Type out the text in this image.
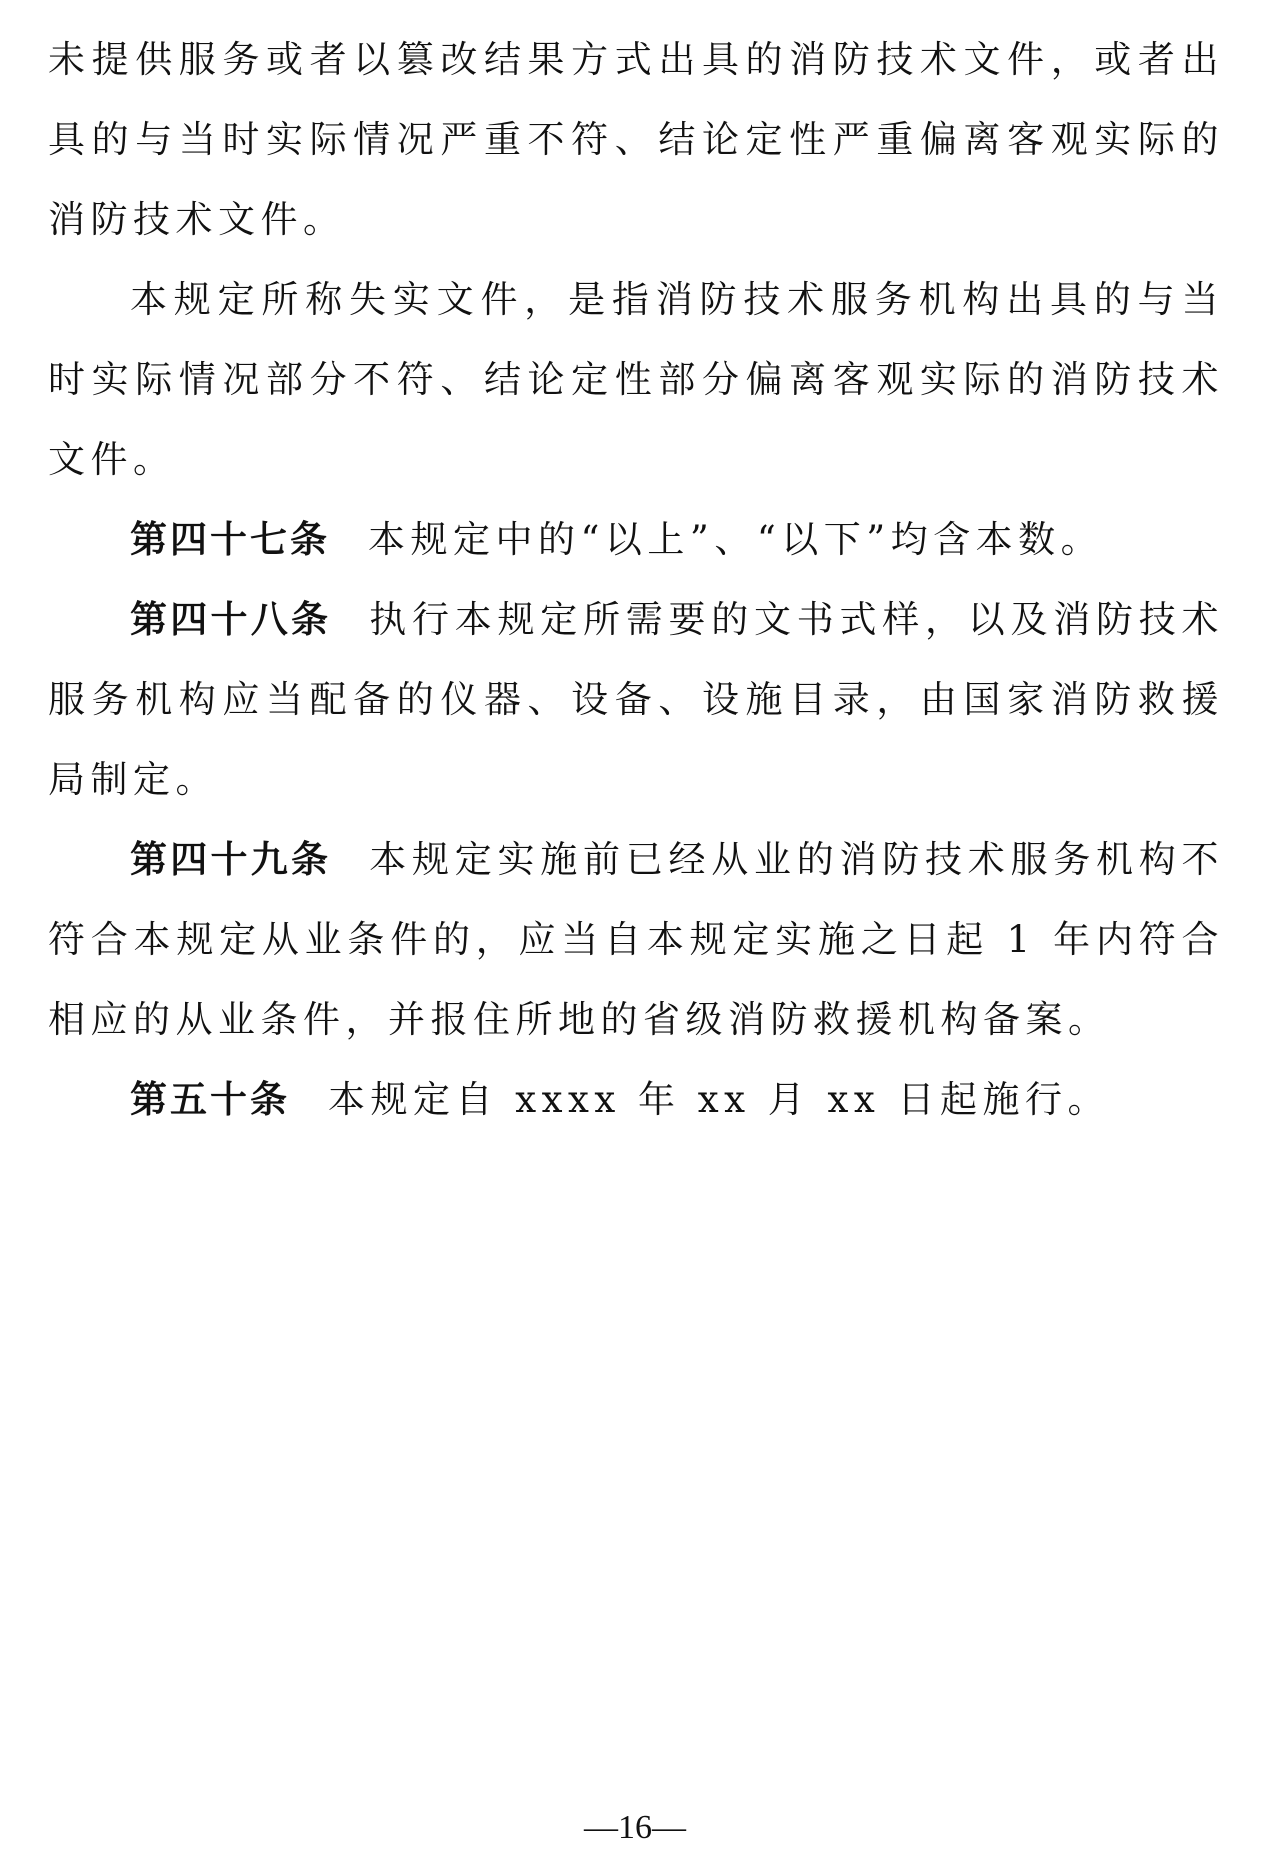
未提供服务或者以篡改结果方式出具的消防技术文件，或者出具的与当时实际情况严重不符、结论定性严重偏离客观实际的消防技术文件。

本规定所称失实文件，是指消防技术服务机构出具的与当时实际情况部分不符、结论定性部分偏离客观实际的消防技术文件。

第四十七条 本规定中的“以上”、“以下”均含本数。

第四十八条 执行本规定所需要的文书式样，以及消防技术服务机构应当配备的仪器、设备、设施目录，由国家消防救援局制定。

第四十九条 本规定实施前已经从业的消防技术服务机构不符合本规定从业条件的，应当自本规定实施之日起 1 年内符合相应的从业条件，并报住所地的省级消防救援机构备案。

第五十条 本规定自 xxxx 年 xx 月 xx 日起施行。

—16—
